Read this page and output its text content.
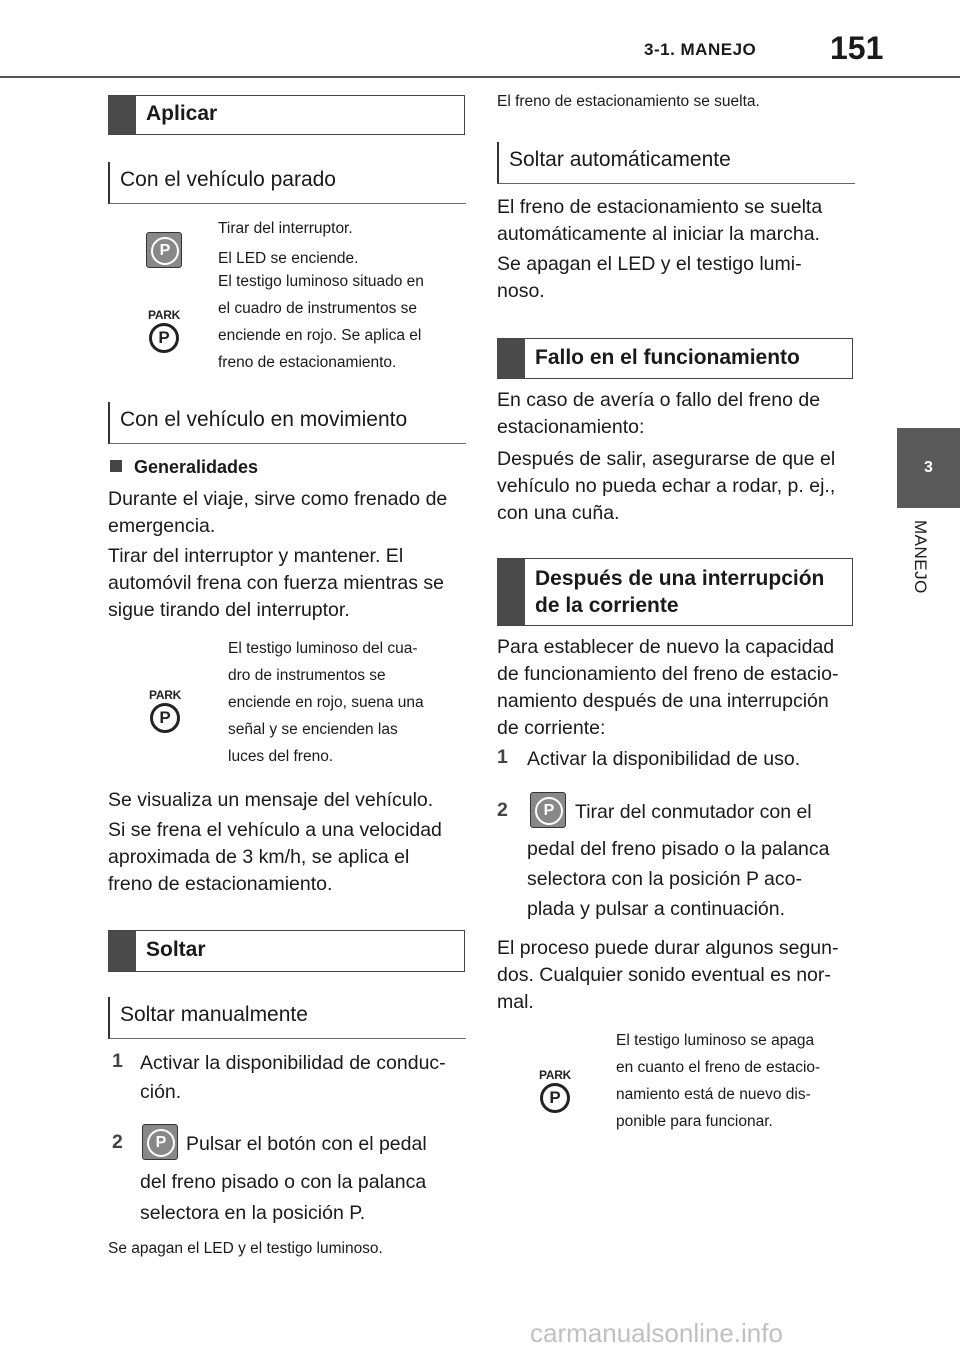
3-1. MANEJO 151
3
MANEJO
Aplicar
Con el vehículo parado
P
Tirar del interruptor.
El LED se enciende.
PARK
P
El testigo luminoso situado en
el cuadro de instrumentos se
enciende en rojo. Se aplica el
freno de estacionamiento.
Con el vehículo en movimiento
Generalidades
Durante el viaje, sirve como frenado de
emergencia.
Tirar del interruptor y mantener. El
automóvil frena con fuerza mientras se
sigue tirando del interruptor.
PARK
P
El testigo luminoso del cua-
dro de instrumentos se
enciende en rojo, suena una
señal y se encienden las
luces del freno.
Se visualiza un mensaje del vehículo.
Si se frena el vehículo a una velocidad
aproximada de 3 km/h, se aplica el
freno de estacionamiento.
Soltar
Soltar manualmente
1 Activar la disponibilidad de conduc-
ción.
2	P	Pulsar el botón con el pedal
del freno pisado o con la palanca
selectora en la posición P.
Se apagan el LED y el testigo luminoso.
El freno de estacionamiento se suelta.
Soltar automáticamente
El freno de estacionamiento se suelta
automáticamente al iniciar la marcha.
Se apagan el LED y el testigo lumi-
noso.
Fallo en el funcionamiento
En caso de avería o fallo del freno de
estacionamiento:
Después de salir, asegurarse de que el
vehículo no pueda echar a rodar, p. ej.,
con una cuña.
Después de una interrupción
de la corriente
Para establecer de nuevo la capacidad
de funcionamiento del freno de estacio-
namiento después de una interrupción
de corriente:
1 Activar la disponibilidad de uso.
2	P	Tirar del conmutador con el
pedal del freno pisado o la palanca
selectora con la posición P aco-
plada y pulsar a continuación.
El proceso puede durar algunos segun-
dos. Cualquier sonido eventual es nor-
mal.
PARK
P
El testigo luminoso se apaga
en cuanto el freno de estacio-
namiento está de nuevo dis-
ponible para funcionar.
carmanualsonline.info
